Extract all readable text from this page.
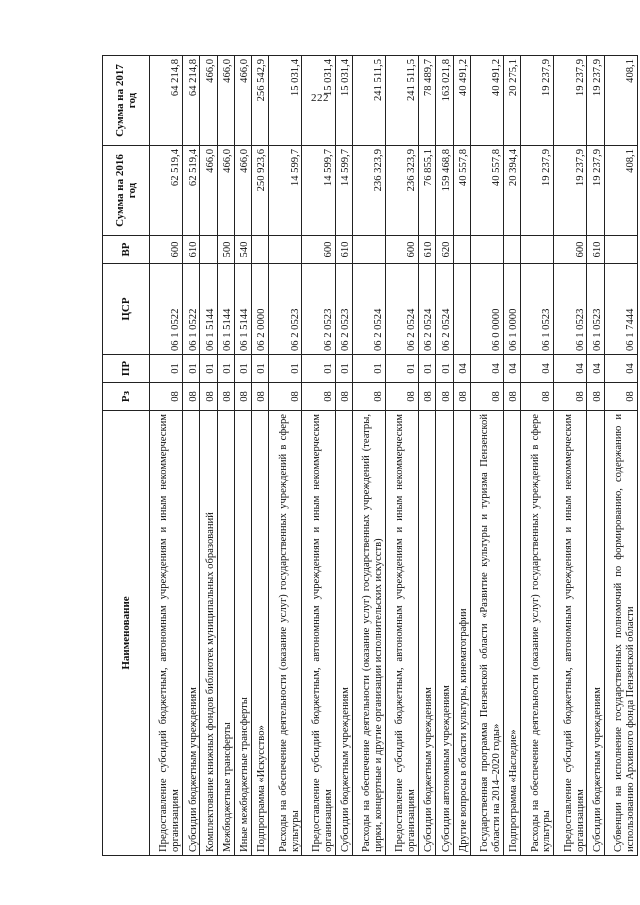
222
Наименование	Рз	ПР	ЦСР	ВР	Сумма на 2016 год	Сумма на 2017 год
Предоставление субсидий бюджетным, автономным учреждениям и иным некоммерческим организациям	08	01	06 1 0522	600	62 519,4	64 214,8
Субсидии бюджетным учреждениям	08	01	06 1 0522	610	62 519,4	64 214,8
Комплектование книжных фондов библиотек муниципальных образований	08	01	06 1 5144		466,0	466,0
Межбюджетные трансферты	08	01	06 1 5144	500	466,0	466,0
Иные межбюджетные трансферты	08	01	06 1 5144	540	466,0	466,0
Подпрограмма «Искусство»	08	01	06 2 0000		250 923,6	256 542,9
Расходы на обеспечение деятельности (оказание услуг) государственных учреждений в сфере культуры	08	01	06 2 0523		14 599,7	15 031,4
Предоставление субсидий бюджетным, автономным учреждениям и иным некоммерческим организациям	08	01	06 2 0523	600	14 599,7	15 031,4
Субсидии бюджетным учреждениям	08	01	06 2 0523	610	14 599,7	15 031,4
Расходы на обеспечение деятельности (оказание услуг) государственных учреждений (театры, цирки, концертные и другие организации исполнительских искусств)	08	01	06 2 0524		236 323,9	241 511,5
Предоставление субсидий бюджетным, автономным учреждениям и иным некоммерческим организациям	08	01	06 2 0524	600	236 323,9	241 511,5
Субсидии бюджетным учреждениям	08	01	06 2 0524	610	76 855,1	78 489,7
Субсидии автономным учреждениям	08	01	06 2 0524	620	159 468,8	163 021,8
Другие вопросы в области культуры, кинематографии	08	04			40 557,8	40 491,2
Государственная программа Пензенской области «Развитие культуры и туризма Пензенской области на 2014–2020 годы»	08	04	06 0 0000		40 557,8	40 491,2
Подпрограмма «Наследие»	08	04	06 1 0000		20 394,4	20 275,1
Расходы на обеспечение деятельности (оказание услуг) государственных учреждений в сфере культуры	08	04	06 1 0523		19 237,9	19 237,9
Предоставление субсидий бюджетным, автономным учреждениям и иным некоммерческим организациям	08	04	06 1 0523	600	19 237,9	19 237,9
Субсидии бюджетным учреждениям	08	04	06 1 0523	610	19 237,9	19 237,9
Субвенции на исполнение государственных полномочий по формированию, содержанию и использованию Архивного фонда Пензенской области	08	04	06 1 7444		408,1	408,1
